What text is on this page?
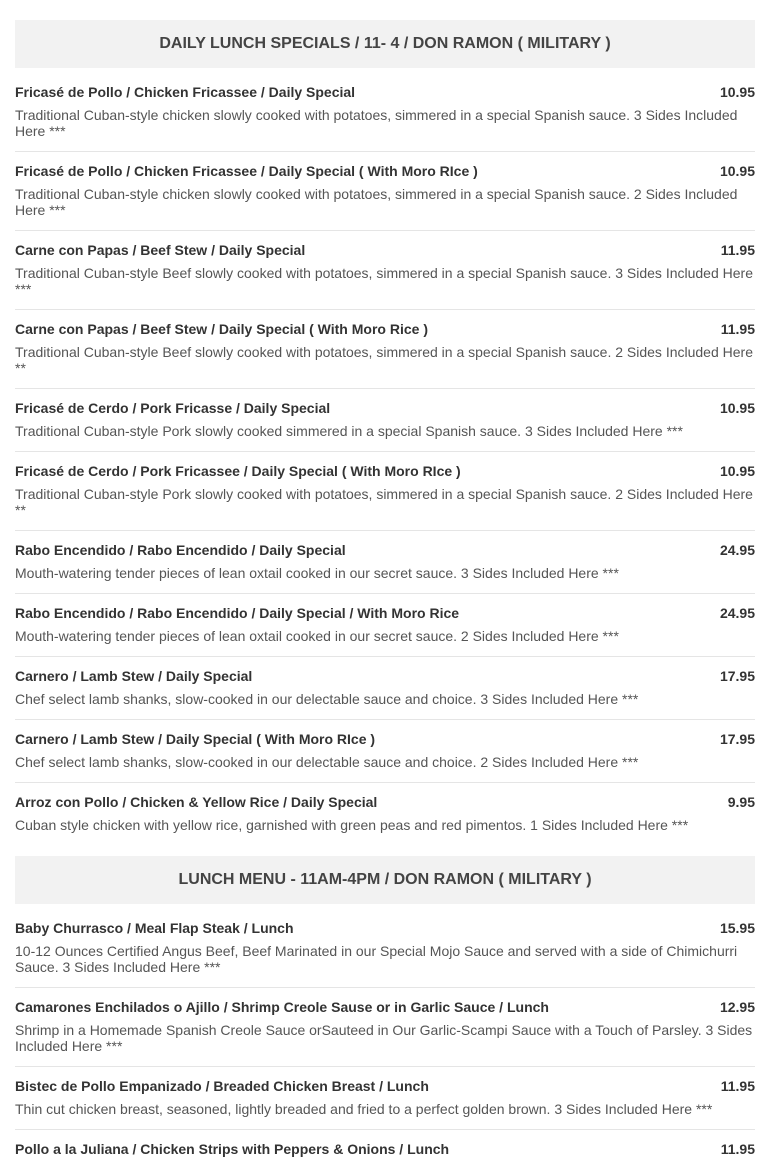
DAILY LUNCH SPECIALS / 11- 4 / DON RAMON ( MILITARY )
Fricasé de Pollo / Chicken Fricassee / Daily Special	10.95
Traditional Cuban-style chicken slowly cooked with potatoes, simmered in a special Spanish sauce. 3 Sides Included Here ***
Fricasé de Pollo / Chicken Fricassee / Daily Special ( With Moro RIce )	10.95
Traditional Cuban-style chicken slowly cooked with potatoes, simmered in a special Spanish sauce. 2 Sides Included Here ***
Carne con Papas / Beef Stew / Daily Special	11.95
Traditional Cuban-style Beef slowly cooked with potatoes, simmered in a special Spanish sauce. 3 Sides Included Here ***
Carne con Papas / Beef Stew / Daily Special ( With Moro Rice )	11.95
Traditional Cuban-style Beef slowly cooked with potatoes, simmered in a special Spanish sauce. 2 Sides Included Here **
Fricasé de Cerdo / Pork Fricasse / Daily Special	10.95
Traditional Cuban-style Pork slowly cooked simmered in a special Spanish sauce. 3 Sides Included Here ***
Fricasé de Cerdo / Pork Fricassee / Daily Special ( With Moro RIce )	10.95
Traditional Cuban-style Pork slowly cooked with potatoes, simmered in a special Spanish sauce. 2 Sides Included Here **
Rabo Encendido / Rabo Encendido / Daily Special	24.95
Mouth-watering tender pieces of lean oxtail cooked in our secret sauce. 3 Sides Included Here ***
Rabo Encendido / Rabo Encendido / Daily Special / With Moro Rice	24.95
Mouth-watering tender pieces of lean oxtail cooked in our secret sauce. 2 Sides Included Here ***
Carnero / Lamb Stew / Daily Special	17.95
Chef select lamb shanks, slow-cooked in our delectable sauce and choice. 3 Sides Included Here ***
Carnero / Lamb Stew / Daily Special ( With Moro RIce )	17.95
Chef select lamb shanks, slow-cooked in our delectable sauce and choice. 2 Sides Included Here ***
Arroz con Pollo / Chicken & Yellow Rice / Daily Special	9.95
Cuban style chicken with yellow rice, garnished with green peas and red pimentos. 1 Sides Included Here ***
LUNCH MENU - 11AM-4PM / DON RAMON ( MILITARY )
Baby Churrasco / Meal Flap Steak / Lunch	15.95
10-12 Ounces Certified Angus Beef, Beef Marinated in our Special Mojo Sauce and served with a side of Chimichurri Sauce. 3 Sides Included Here ***
Camarones Enchilados o Ajillo / Shrimp Creole Sause or in Garlic Sauce / Lunch	12.95
Shrimp in a Homemade Spanish Creole Sauce orSauteed in Our Garlic-Scampi Sauce with a Touch of Parsley. 3 Sides Included Here ***
Bistec de Pollo Empanizado / Breaded Chicken Breast / Lunch	11.95
Thin cut chicken breast, seasoned, lightly breaded and fried to a perfect golden brown. 3 Sides Included Here ***
Pollo a la Juliana / Chicken Strips with Peppers & Onions / Lunch	11.95
